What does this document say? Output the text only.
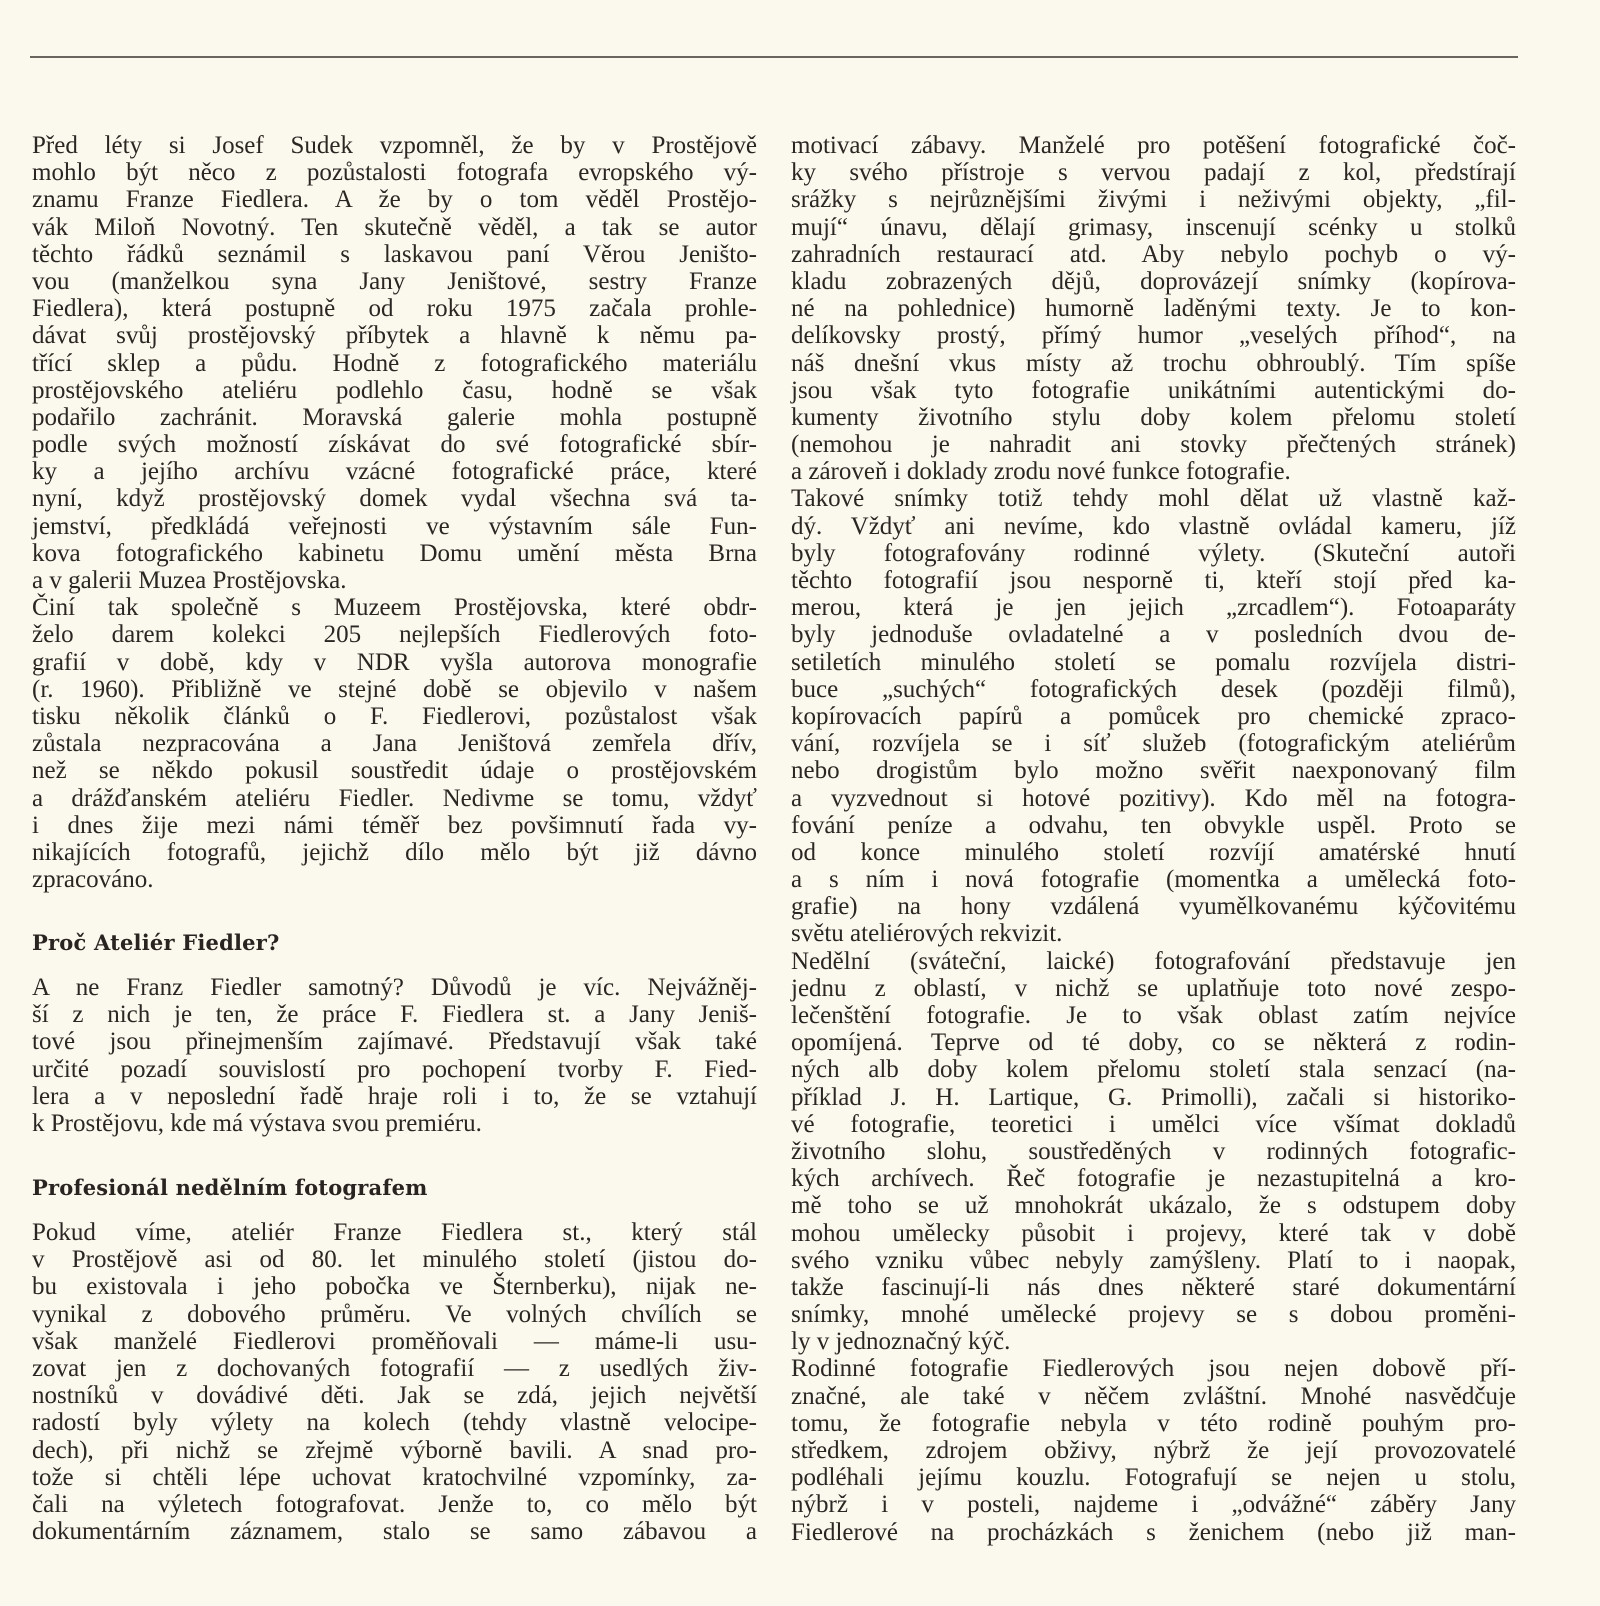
Před léty si Josef Sudek vzpomněl, že by v Prostějově
mohlo být něco z pozůstalosti fotografa evropského vý-
znamu Franze Fiedlera. A že by o tom věděl Prostějo-
vák Miloň Novotný. Ten skutečně věděl, a tak se autor
těchto řádků seznámil s laskavou paní Věrou Jeništo-
vou (manželkou syna Jany Jeništové, sestry Franze
Fiedlera), která postupně od roku 1975 začala prohle-
dávat svůj prostějovský příbytek a hlavně k němu pa-
třící sklep a půdu. Hodně z fotografického materiálu
prostějovského ateliéru podlehlo času, hodně se však
podařilo zachránit. Moravská galerie mohla postupně
podle svých možností získávat do své fotografické sbír-
ky a jejího archívu vzácné fotografické práce, které
nyní, když prostějovský domek vydal všechna svá ta-
jemství, předkládá veřejnosti ve výstavním sále Fun-
kova fotografického kabinetu Domu umění města Brna
a v galerii Muzea Prostějovska.
Činí tak společně s Muzeem Prostějovska, které obdr-
želo darem kolekci 205 nejlepších Fiedlerových foto-
grafií v době, kdy v NDR vyšla autorova monografie
(r. 1960). Přibližně ve stejné době se objevilo v našem
tisku několik článků o F. Fiedlerovi, pozůstalost však
zůstala nezpracována a Jana Jeništová zemřela dřív,
než se někdo pokusil soustředit údaje o prostějovském
a drážďanském ateliéru Fiedler. Nedivme se tomu, vždyť
i dnes žije mezi námi téměř bez povšimnutí řada vy-
nikajících fotografů, jejichž dílo mělo být již dávno
zpracováno.
Proč Ateliér Fiedler?
A ne Franz Fiedler samotný? Důvodů je víc. Nejvážněj-
ší z nich je ten, že práce F. Fiedlera st. a Jany Jeniš-
tové jsou přinejmenším zajímavé. Představují však také
určité pozadí souvislostí pro pochopení tvorby F. Fied-
lera a v neposlední řadě hraje roli i to, že se vztahují
k Prostějovu, kde má výstava svou premiéru.
Profesionál nedělním fotografem
Pokud víme, ateliér Franze Fiedlera st., který stál
v Prostějově asi od 80. let minulého století (jistou do-
bu existovala i jeho pobočka ve Šternberku), nijak ne-
vynikal z dobového průměru. Ve volných chvílích se
však manželé Fiedlerovi proměňovali — máme-li usu-
zovat jen z dochovaných fotografií — z usedlých živ-
nostníků v dovádivé děti. Jak se zdá, jejich největší
radostí byly výlety na kolech (tehdy vlastně velocipe-
dech), při nichž se zřejmě výborně bavili. A snad pro-
tože si chtěli lépe uchovat kratochvilné vzpomínky, za-
čali na výletech fotografovat. Jenže to, co mělo být
dokumentárním záznamem, stalo se samo zábavou a
motivací zábavy. Manželé pro potěšení fotografické čoč-
ky svého přístroje s vervou padají z kol, předstírají
srážky s nejrůznějšími živými i neživými objekty, „fil-
mují“ únavu, dělají grimasy, inscenují scénky u stolků
zahradních restaurací atd. Aby nebylo pochyb o vý-
kladu zobrazených dějů, doprovázejí snímky (kopírova-
né na pohlednice) humorně laděnými texty. Je to kon-
delíkovsky prostý, přímý humor „veselých příhod“, na
náš dnešní vkus místy až trochu obhroublý. Tím spíše
jsou však tyto fotografie unikátními autentickými do-
kumenty životního stylu doby kolem přelomu století
(nemohou je nahradit ani stovky přečtených stránek)
a zároveň i doklady zrodu nové funkce fotografie.
Takové snímky totiž tehdy mohl dělat už vlastně kaž-
dý. Vždyť ani nevíme, kdo vlastně ovládal kameru, jíž
byly fotografovány rodinné výlety. (Skuteční autoři
těchto fotografií jsou nesporně ti, kteří stojí před ka-
merou, která je jen jejich „zrcadlem“). Fotoaparáty
byly jednoduše ovladatelné a v posledních dvou de-
setiletích minulého století se pomalu rozvíjela distri-
buce „suchých“ fotografických desek (později filmů),
kopírovacích papírů a pomůcek pro chemické zpraco-
vání, rozvíjela se i síť služeb (fotografickým ateliérům
nebo drogistům bylo možno svěřit naexponovaný film
a vyzvednout si hotové pozitivy). Kdo měl na fotogra-
fování peníze a odvahu, ten obvykle uspěl. Proto se
od konce minulého století rozvíjí amatérské hnutí
a s ním i nová fotografie (momentka a umělecká foto-
grafie) na hony vzdálená vyumělkovanému kýčovitému
světu ateliérových rekvizit.
Nedělní (sváteční, laické) fotografování představuje jen
jednu z oblastí, v nichž se uplatňuje toto nové zespo-
lečenštění fotografie. Je to však oblast zatím nejvíce
opomíjená. Teprve od té doby, co se některá z rodin-
ných alb doby kolem přelomu století stala senzací (na-
příklad J. H. Lartique, G. Primolli), začali si historiko-
vé fotografie, teoretici i umělci více všímat dokladů
životního slohu, soustředěných v rodinných fotografic-
kých archívech. Řeč fotografie je nezastupitelná a kro-
mě toho se už mnohokrát ukázalo, že s odstupem doby
mohou umělecky působit i projevy, které tak v době
svého vzniku vůbec nebyly zamýšleny. Platí to i naopak,
takže fascinují-li nás dnes některé staré dokumentární
snímky, mnohé umělecké projevy se s dobou proměni-
ly v jednoznačný kýč.
Rodinné fotografie Fiedlerových jsou nejen dobově pří-
značné, ale také v něčem zvláštní. Mnohé nasvědčuje
tomu, že fotografie nebyla v této rodině pouhým pro-
středkem, zdrojem obživy, nýbrž že její provozovatelé
podléhali jejímu kouzlu. Fotografují se nejen u stolu,
nýbrž i v posteli, najdeme i „odvážné“ záběry Jany
Fiedlerové na procházkách s ženichem (nebo již man-
